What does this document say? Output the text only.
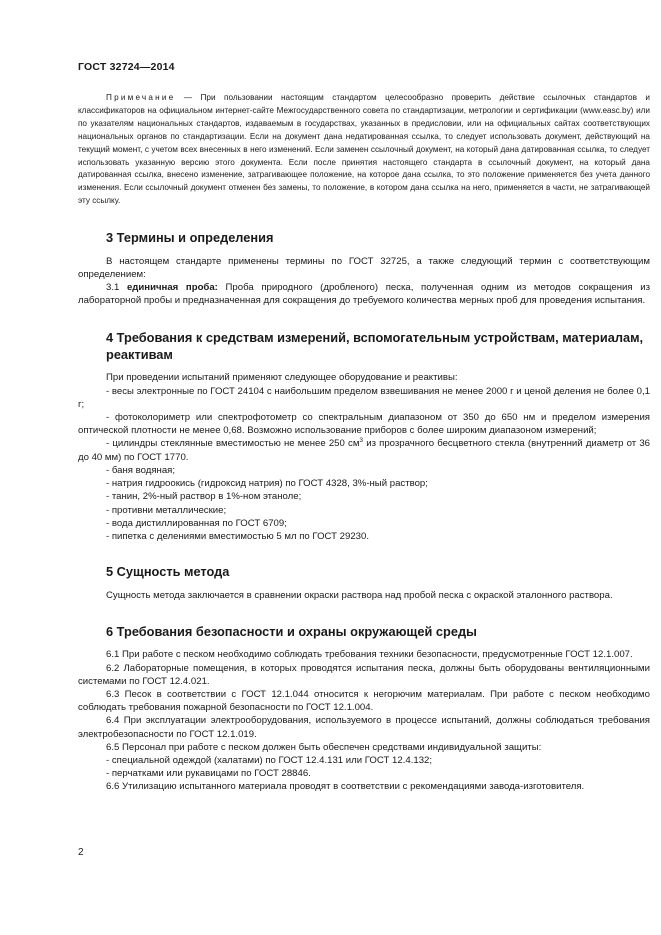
ГОСТ 32724—2014

Примечание — При пользовании настоящим стандартом целесообразно проверить действие ссылочных стандартов и классификаторов на официальном интернет-сайте Межгосударственного совета по стандартизации, метрологии и сертификации (www.easc.by) или по указателям национальных стандартов, издаваемым в государствах, указанных в предисловии, или на официальных сайтах соответствующих национальных органов по стандартизации. Если на документ дана недатированная ссылка, то следует использовать документ, действующий на текущий момент, с учетом всех внесенных в него изменений. Если заменен ссылочный документ, на который дана датированная ссылка, то следует использовать указанную версию этого документа. Если после принятия настоящего стандарта в ссылочный документ, на который дана датированная ссылка, внесено изменение, затрагивающее положение, на которое дана ссылка, то это положение применяется без учета данного изменения. Если ссылочный документ отменен без замены, то положение, в котором дана ссылка на него, применяется в части, не затрагивающей эту ссылку.

3 Термины и определения

В настоящем стандарте применены термины по ГОСТ 32725, а также следующий термин с соответствующим определением:

3.1 единичная проба: Проба природного (дробленого) песка, полученная одним из методов сокращения из лабораторной пробы и предназначенная для сокращения до требуемого количества мерных проб для проведения испытания.

4 Требования к средствам измерений, вспомогательным устройствам, материалам, реактивам

При проведении испытаний применяют следующее оборудование и реактивы:

- весы электронные по ГОСТ 24104 с наибольшим пределом взвешивания не менее 2000 г и ценой деления не более 0,1 г;

- фотоколориметр или спектрофотометр со спектральным диапазоном от 350 до 650 нм и пределом измерения оптической плотности не менее 0,68. Возможно использование приборов с более широким диапазоном измерений;

- цилиндры стеклянные вместимостью не менее 250 $см^3$ из прозрачного бесцветного стекла (внутренний диаметр от 36 до 40 мм) по ГОСТ 1770.

- баня водяная;

- натрия гидроокись (гидроксид натрия) по ГОСТ 4328, 3%-ный раствор;

- танин, 2%-ный раствор в 1%-ном этаноле;

- противни металлические;

- вода дистиллированная по ГОСТ 6709;

- пипетка с делениями вместимостью 5 мл по ГОСТ 29230.

5 Сущность метода

Сущность метода заключается в сравнении окраски раствора над пробой песка с окраской эталонного раствора.

6 Требования безопасности и охраны окружающей среды

6.1 При работе с песком необходимо соблюдать требования техники безопасности, предусмотренные ГОСТ 12.1.007.

6.2 Лабораторные помещения, в которых проводятся испытания песка, должны быть оборудованы вентиляционными системами по ГОСТ 12.4.021.

6.3 Песок в соответствии с ГОСТ 12.1.044 относится к негорючим материалам. При работе с песком необходимо соблюдать требования пожарной безопасности по ГОСТ 12.1.004.

6.4 При эксплуатации электрооборудования, используемого в процессе испытаний, должны соблюдаться требования электробезопасности по ГОСТ 12.1.019.

6.5 Персонал при работе с песком должен быть обеспечен средствами индивидуальной защиты:

- специальной одеждой (халатами) по ГОСТ 12.4.131 или ГОСТ 12.4.132;

- перчатками или рукавицами по ГОСТ 28846.

6.6 Утилизацию испытанного материала проводят в соответствии с рекомендациями завода-изготовителя.

2
